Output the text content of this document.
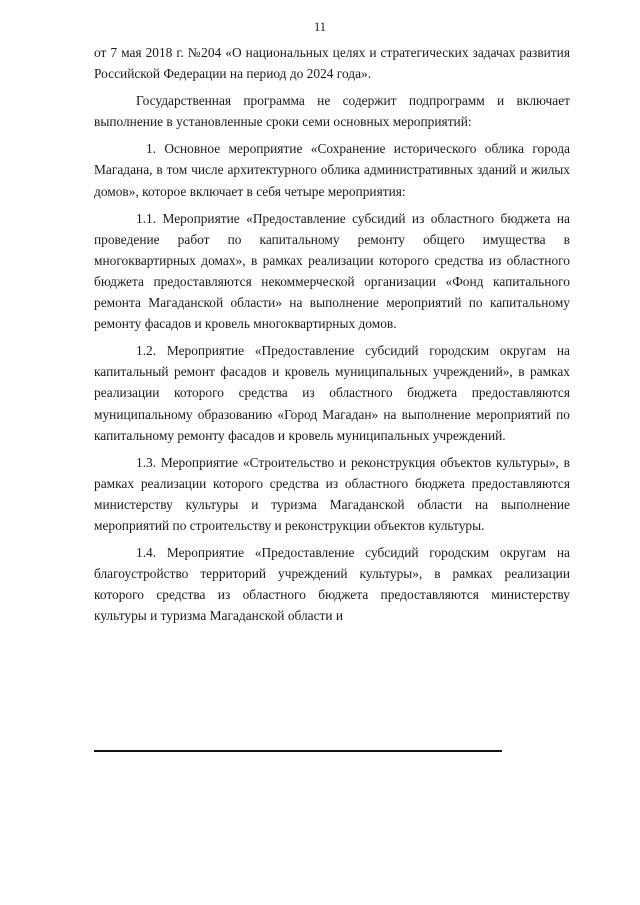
11

от 7 мая 2018 г. №204 «О национальных целях и стратегических задачах развития Российской Федерации на период до 2024 года».

Государственная программа не содержит подпрограмм и включает выполнение в установленные сроки семи основных мероприятий:

1. Основное мероприятие «Сохранение исторического облика города Магадана, в том числе архитектурного облика административных зданий и жилых домов», которое включает в себя четыре мероприятия:

1.1. Мероприятие «Предоставление субсидий из областного бюджета на проведение работ по капитальному ремонту общего имущества в многоквартирных домах», в рамках реализации которого средства из областного бюджета предоставляются некоммерческой организации «Фонд капитального ремонта Магаданской области» на выполнение мероприятий по капитальному ремонту фасадов и кровель многоквартирных домов.

1.2. Мероприятие «Предоставление субсидий городским округам на капитальный ремонт фасадов и кровель муниципальных учреждений», в рамках реализации которого средства из областного бюджета предоставляются муниципальному образованию «Город Магадан» на выполнение мероприятий по капитальному ремонту фасадов и кровель муниципальных учреждений.

1.3. Мероприятие «Строительство и реконструкция объектов культуры», в рамках реализации которого средства из областного бюджета предоставляются министерству культуры и туризма Магаданской области на выполнение мероприятий по строительству и реконструкции объектов культуры.

1.4. Мероприятие «Предоставление субсидий городским округам на благоустройство территорий учреждений культуры», в рамках реализации которого средства из областного бюджета предоставляются министерству культуры и туризма Магаданской области и
